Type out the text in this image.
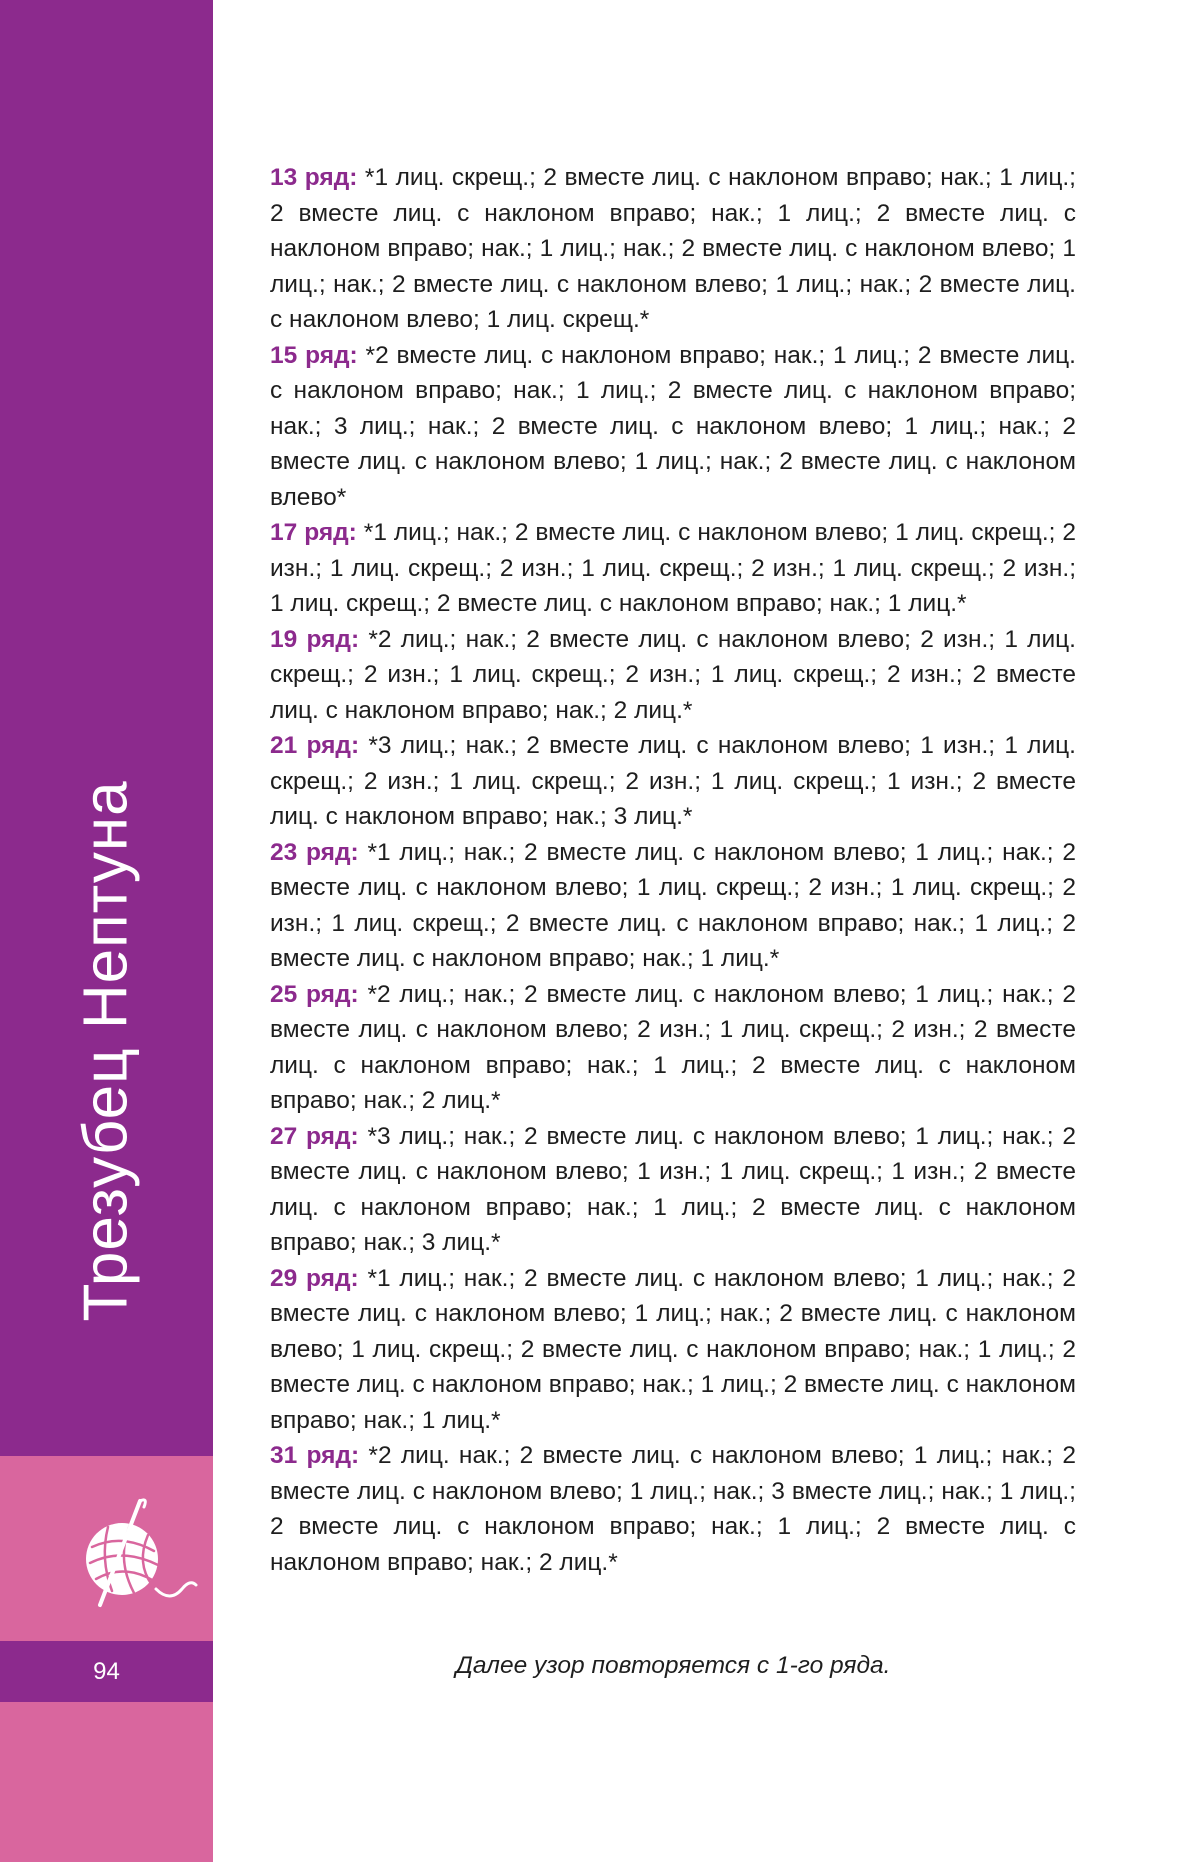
Трезубец Нептуна
94

13 ряд: *1 лиц. скрещ.; 2 вместе лиц. с наклоном вправо; нак.; 1 лиц.; 2 вместе лиц. с наклоном вправо; нак.; 1 лиц.; 2 вместе лиц. с наклоном вправо; нак.; 1 лиц.; нак.; 2 вместе лиц. с наклоном влево; 1 лиц.; нак.; 2 вместе лиц. с наклоном влево; 1 лиц.; нак.; 2 вместе лиц. с наклоном влево; 1 лиц. скрещ.*

15 ряд: *2 вместе лиц. с наклоном вправо; нак.; 1 лиц.; 2 вместе лиц. с наклоном вправо; нак.; 1 лиц.; 2 вместе лиц. с наклоном вправо; нак.; 3 лиц.; нак.; 2 вместе лиц. с наклоном влево; 1 лиц.; нак.; 2 вместе лиц. с наклоном влево; 1 лиц.; нак.; 2 вместе лиц. с наклоном влево*

17 ряд: *1 лиц.; нак.; 2 вместе лиц. с наклоном влево; 1 лиц. скрещ.; 2 изн.; 1 лиц. скрещ.; 2 изн.; 1 лиц. скрещ.; 2 изн.; 1 лиц. скрещ.; 2 изн.; 1 лиц. скрещ.; 2 вместе лиц. с наклоном вправо; нак.; 1 лиц.*

19 ряд: *2 лиц.; нак.; 2 вместе лиц. с наклоном влево; 2 изн.; 1 лиц. скрещ.; 2 изн.; 1 лиц. скрещ.; 2 изн.; 1 лиц. скрещ.; 2 изн.; 2 вместе лиц. с наклоном вправо; нак.; 2 лиц.*

21 ряд: *3 лиц.; нак.; 2 вместе лиц. с наклоном влево; 1 изн.; 1 лиц. скрещ.; 2 изн.; 1 лиц. скрещ.; 2 изн.; 1 лиц. скрещ.; 1 изн.; 2 вместе лиц. с наклоном вправо; нак.; 3 лиц.*

23 ряд: *1 лиц.; нак.; 2 вместе лиц. с наклоном влево; 1 лиц.; нак.; 2 вместе лиц. с наклоном влево; 1 лиц. скрещ.; 2 изн.; 1 лиц. скрещ.; 2 изн.; 1 лиц. скрещ.; 2 вместе лиц. с наклоном вправо; нак.; 1 лиц.; 2 вместе лиц. с наклоном вправо; нак.; 1 лиц.*

25 ряд: *2 лиц.; нак.; 2 вместе лиц. с наклоном влево; 1 лиц.; нак.; 2 вместе лиц. с наклоном влево; 2 изн.; 1 лиц. скрещ.; 2 изн.; 2 вместе лиц. с наклоном вправо; нак.; 1 лиц.; 2 вместе лиц. с наклоном вправо; нак.; 2 лиц.*

27 ряд: *3 лиц.; нак.; 2 вместе лиц. с наклоном влево; 1 лиц.; нак.; 2 вместе лиц. с наклоном влево; 1 изн.; 1 лиц. скрещ.; 1 изн.; 2 вместе лиц. с наклоном вправо; нак.; 1 лиц.; 2 вместе лиц. с наклоном вправо; нак.; 3 лиц.*

29 ряд: *1 лиц.; нак.; 2 вместе лиц. с наклоном влево; 1 лиц.; нак.; 2 вместе лиц. с наклоном влево; 1 лиц.; нак.; 2 вместе лиц. с наклоном влево; 1 лиц. скрещ.; 2 вместе лиц. с наклоном вправо; нак.; 1 лиц.; 2 вместе лиц. с наклоном вправо; нак.; 1 лиц.; 2 вместе лиц. с наклоном вправо; нак.; 1 лиц.*

31 ряд: *2 лиц. нак.; 2 вместе лиц. с наклоном влево; 1 лиц.; нак.; 2 вместе лиц. с наклоном влево; 1 лиц.; нак.; 3 вместе лиц.; нак.; 1 лиц.; 2 вместе лиц. с наклоном вправо; нак.; 1 лиц.; 2 вместе лиц. с наклоном вправо; нак.; 2 лиц.*

Далее узор повторяется с 1-го ряда.
